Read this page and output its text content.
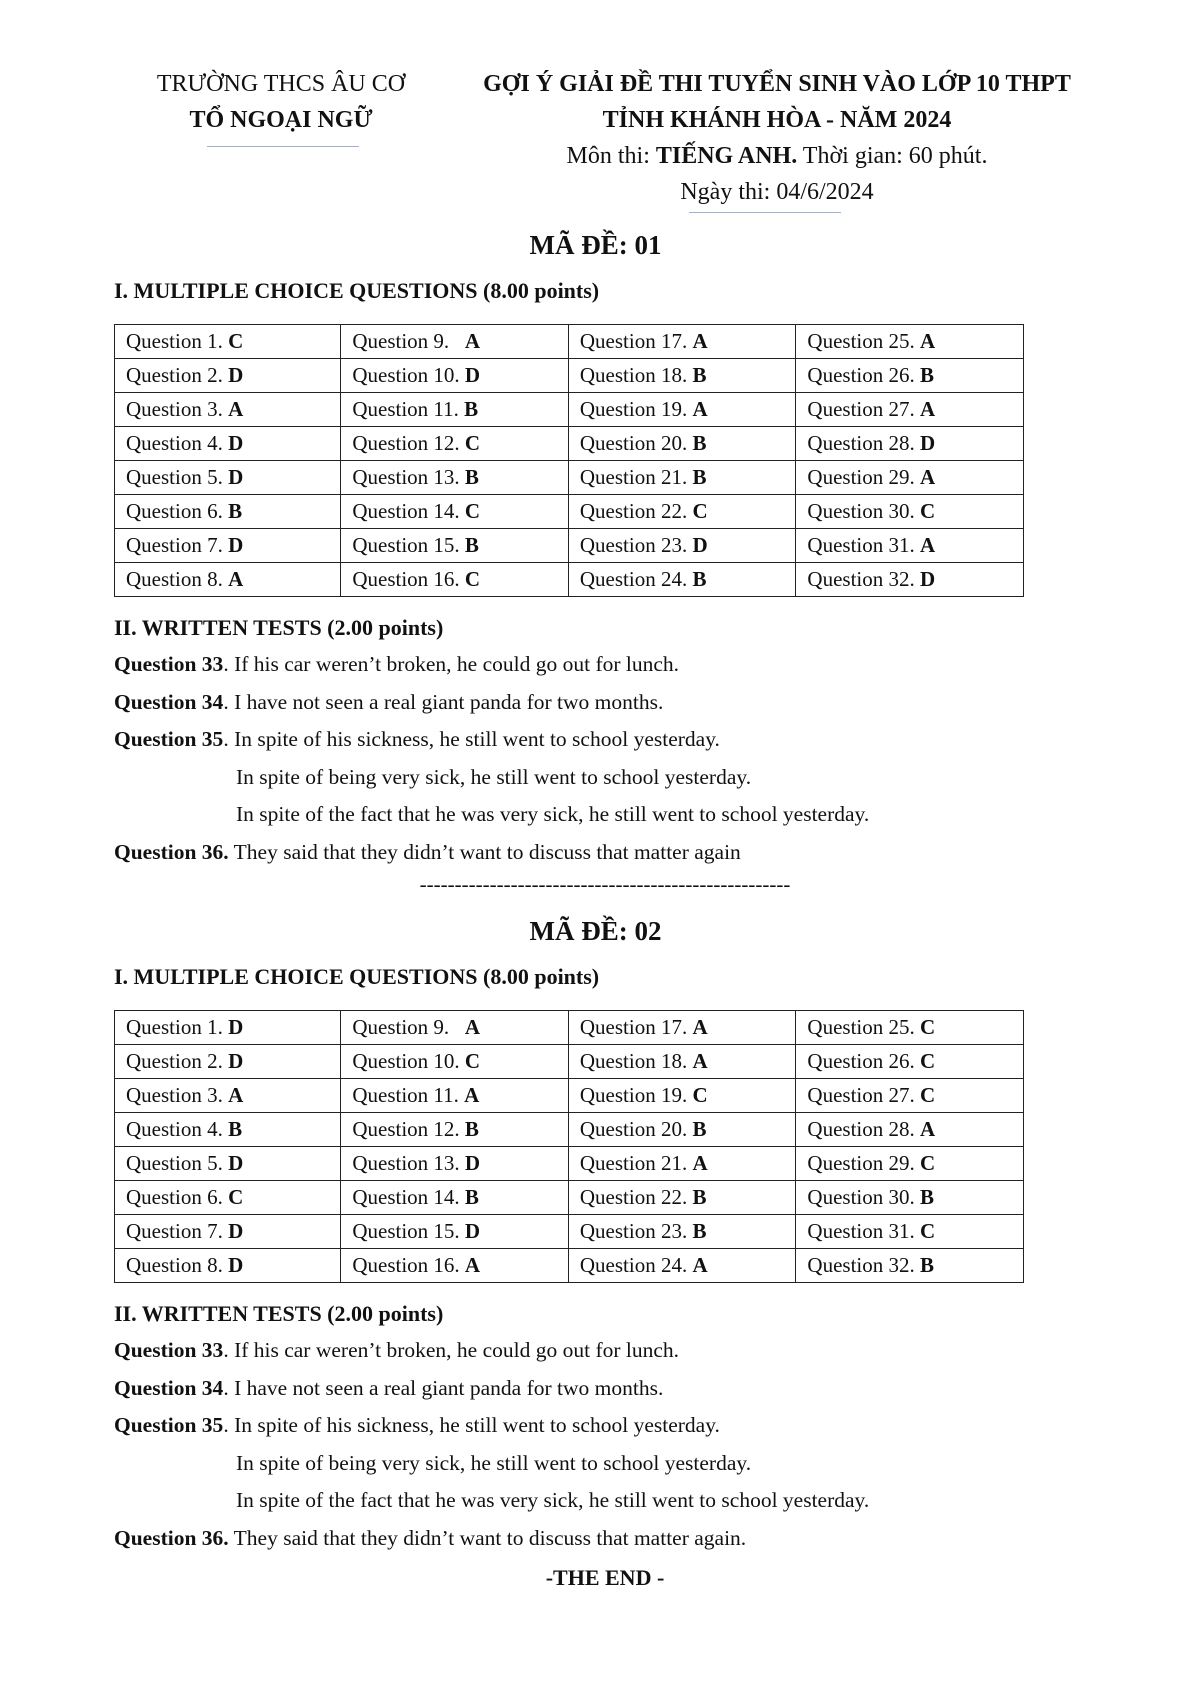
TRƯỜNG THCS ÂU CƠ
TỔ NGOẠI NGỮ
GỢI Ý GIẢI ĐỀ THI TUYỂN SINH VÀO LỚP 10 THPT
TỈNH KHÁNH HÒA - NĂM 2024
Môn thi: TIẾNG ANH. Thời gian: 60 phút.
Ngày thi: 04/6/2024
MÃ ĐỀ: 01
I. MULTIPLE CHOICE QUESTIONS (8.00 points)
Question 1. C	Question 9.   A	Question 17. A	Question 25. A
Question 2. D	Question 10. D	Question 18. B	Question 26. B
Question 3. A	Question 11. B	Question 19. A	Question 27. A
Question 4. D	Question 12. C	Question 20. B	Question 28. D
Question 5. D	Question 13. B	Question 21. B	Question 29. A
Question 6. B	Question 14. C	Question 22. C	Question 30. C
Question 7. D	Question 15. B	Question 23. D	Question 31. A
Question 8. A	Question 16. C	Question 24. B	Question 32. D
II. WRITTEN TESTS (2.00 points)
Question 33. If his car weren’t broken, he could go out for lunch.
Question 34. I have not seen a real giant panda for two months.
Question 35. In spite of his sickness, he still went to school yesterday.
In spite of being very sick, he still went to school yesterday.
In spite of the fact that he was very sick, he still went to school yesterday.
Question 36. They said that they didn’t want to discuss that matter again
-----------------------------------------------------
MÃ ĐỀ: 02
I. MULTIPLE CHOICE QUESTIONS (8.00 points)
Question 1. D	Question 9.   A	Question 17. A	Question 25. C
Question 2. D	Question 10. C	Question 18. A	Question 26. C
Question 3. A	Question 11. A	Question 19. C	Question 27. C
Question 4. B	Question 12. B	Question 20. B	Question 28. A
Question 5. D	Question 13. D	Question 21. A	Question 29. C
Question 6. C	Question 14. B	Question 22. B	Question 30. B
Question 7. D	Question 15. D	Question 23. B	Question 31. C
Question 8. D	Question 16. A	Question 24. A	Question 32. B
II. WRITTEN TESTS (2.00 points)
Question 33. If his car weren’t broken, he could go out for lunch.
Question 34. I have not seen a real giant panda for two months.
Question 35. In spite of his sickness, he still went to school yesterday.
In spite of being very sick, he still went to school yesterday.
In spite of the fact that he was very sick, he still went to school yesterday.
Question 36. They said that they didn’t want to discuss that matter again.
-THE END -
